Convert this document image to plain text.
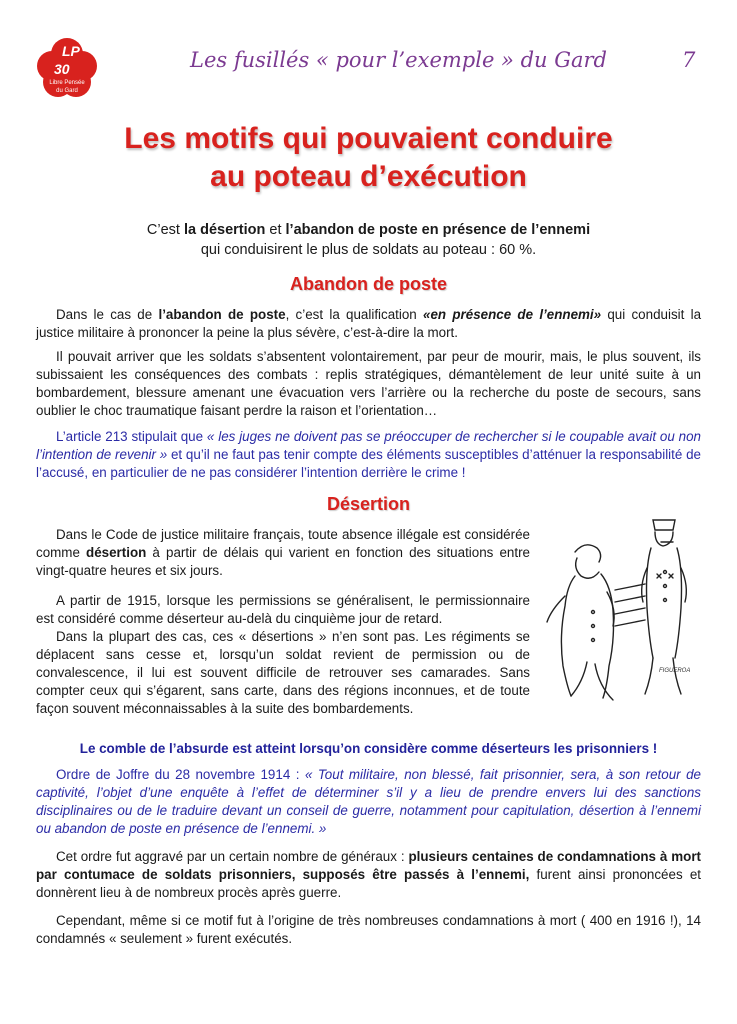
LP
30
Libre Pensée
du Gard
Les fusillés « pour l’exemple » du Gard	7
Les motifs qui pouvaient conduire
au poteau d’exécution
C’est la désertion et l’abandon de poste en présence de l’ennemi
qui conduisirent le plus de soldats au poteau : 60 %.
Abandon de poste
Dans le cas de l’abandon de poste, c’est la qualification «en présence de l’ennemi» qui conduisit la justice militaire à prononcer la peine la plus sévère, c’est-à-dire la mort.
Il pouvait arriver que les soldats s’absentent volontairement, par peur de mourir, mais, le plus souvent, ils subissaient les conséquences des combats : replis stratégiques, démantèlement de leur unité suite à un bombardement, blessure amenant une évacuation vers l’arrière ou la recherche du poste de secours, sans oublier le choc traumatique faisant perdre la raison et l’orientation…
L’article 213 stipulait que « les juges ne doivent pas se préoccuper de rechercher si le coupable avait ou non l’intention de revenir » et qu’il ne faut pas tenir compte des éléments susceptibles d’atténuer la responsabilité de l’accusé, en particulier de ne pas considérer l’intention derrière le crime !
Désertion
Dans le Code de justice militaire français, toute absence illégale est considérée comme désertion à partir de délais qui varient en fonction des situations entre vingt-quatre heures et six jours.
A partir de 1915, lorsque les permissions se généralisent, le permissionnaire est considéré comme déserteur au-delà du cinquième jour de retard.
Dans la plupart des cas, ces « désertions » n’en sont pas. Les régiments se déplacent sans cesse et, lorsqu’un soldat revient de permission ou de convalescence, il lui est souvent difficile de retrouver ses camarades. Sans compter ceux qui s’égarent, sans carte, dans des régions inconnues, et de toute façon souvent méconnaissables à la suite des bombardements.
FIGUEROA
Le comble de l’absurde est atteint lorsqu’on considère comme déserteurs les prisonniers !
Ordre de Joffre du 28 novembre 1914 : « Tout militaire, non blessé, fait prisonnier, sera, à son retour de captivité, l’objet d’une enquête à l’effet de déterminer s’il y a lieu de prendre envers lui des sanctions disciplinaires ou de le traduire devant un conseil de guerre, notamment pour capitulation, désertion à l’ennemi ou abandon de poste en présence de l’ennemi. »
Cet ordre fut aggravé par un certain nombre de généraux : plusieurs centaines de condamnations à mort par contumace de soldats prisonniers, supposés être passés à l’ennemi, furent ainsi prononcées et donnèrent lieu à de nombreux procès après guerre.
Cependant, même si ce motif fut à l’origine de très nombreuses condamnations à mort ( 400 en 1916 !), 14 condamnés « seulement » furent exécutés.
